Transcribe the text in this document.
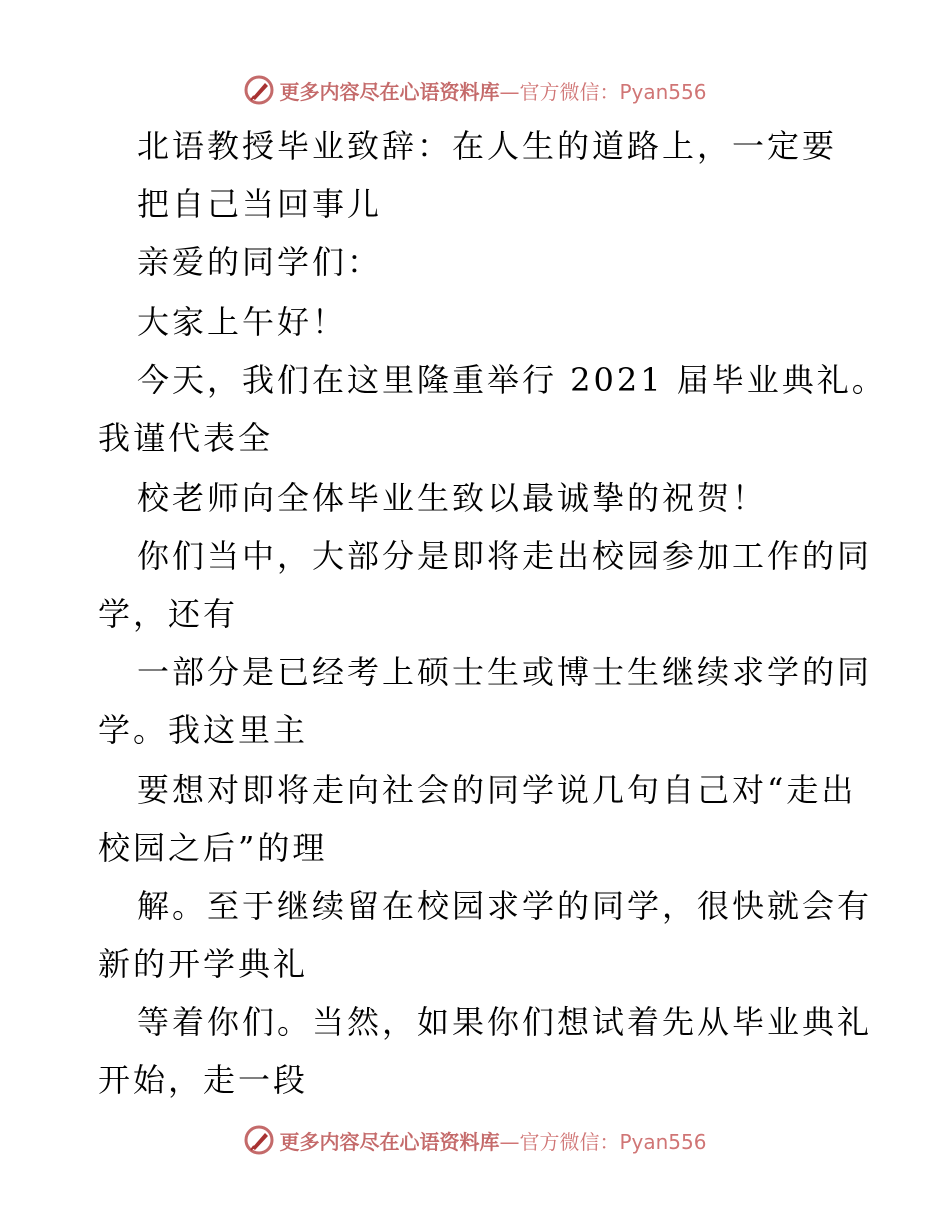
更多内容尽在心语资料库 —官方微信：Pyan556
北语教授毕业致辞：在人生的道路上，一定要
把自己当回事儿
亲爱的同学们：
大家上午好！
今天，我们在这里隆重举行 2021 届毕业典礼。
我谨代表全
校老师向全体毕业生致以最诚挚的祝贺！
你们当中，大部分是即将走出校园参加工作的同
学，还有
一部分是已经考上硕士生或博士生继续求学的同
学。我这里主
要想对即将走向社会的同学说几句自己对“走出
校园之后”的理
解。至于继续留在校园求学的同学，很快就会有
新的开学典礼
等着你们。当然，如果你们想试着先从毕业典礼
开始，走一段
更多内容尽在心语资料库 —官方微信：Pyan556
